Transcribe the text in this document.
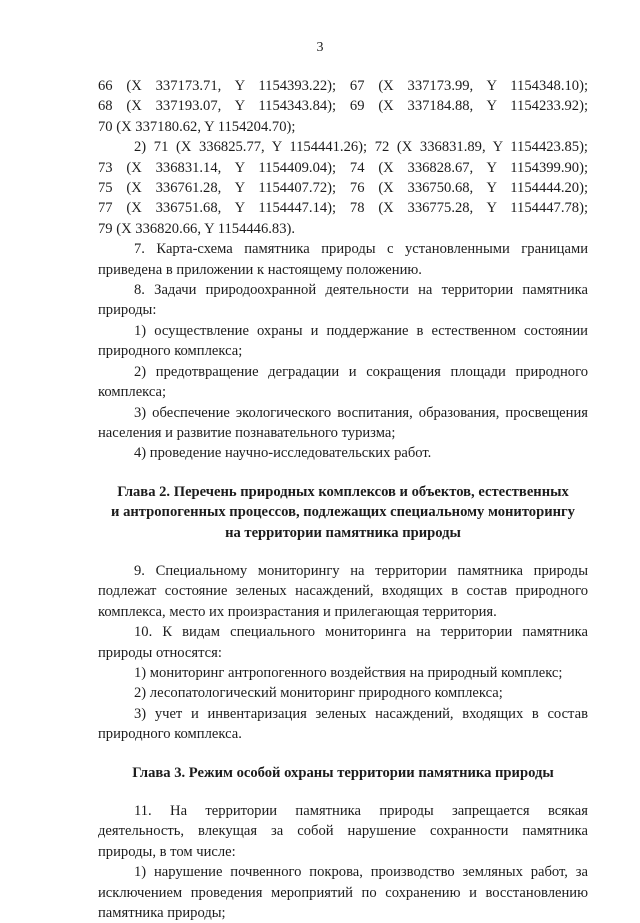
3

66 (X 337173.71, Y 1154393.22); 67 (X 337173.99, Y 1154348.10);

68 (X 337193.07, Y 1154343.84); 69 (X 337184.88, Y 1154233.92);

70 (X 337180.62, Y 1154204.70);

2) 71 (X 336825.77, Y 1154441.26); 72 (X 336831.89, Y 1154423.85);

73 (X 336831.14, Y 1154409.04); 74 (X 336828.67, Y 1154399.90);

75 (X 336761.28, Y 1154407.72); 76 (X 336750.68, Y 1154444.20);

77 (X 336751.68, Y 1154447.14); 78 (X 336775.28, Y 1154447.78);

79 (X 336820.66, Y 1154446.83).

7. Карта-схема памятника природы с установленными границами

приведена в приложении к настоящему положению.

8. Задачи природоохранной деятельности на территории памятника

природы:

1) осуществление охраны и поддержание в естественном состоянии

природного комплекса;

2) предотвращение деградации и сокращения площади природного

комплекса;

3) обеспечение экологического воспитания, образования, просвещения

населения и развитие познавательного туризма;

4) проведение научно-исследовательских работ.

Глава 2. Перечень природных комплексов и объектов, естественных

и антропогенных процессов, подлежащих специальному мониторингу

на территории памятника природы

9. Специальному мониторингу на территории памятника природы

подлежат состояние зеленых насаждений, входящих в состав природного

комплекса, место их произрастания и прилегающая территория.

10. К видам специального мониторинга на территории памятника

природы относятся:

1) мониторинг антропогенного воздействия на природный комплекс;

2) лесопатологический мониторинг природного комплекса;

3) учет и инвентаризация зеленых насаждений, входящих в состав

природного комплекса.

Глава 3. Режим особой охраны территории памятника природы

11. На территории памятника природы запрещается всякая

деятельность, влекущая за собой нарушение сохранности памятника

природы, в том числе:

1) нарушение почвенного покрова, производство земляных работ, за

исключением проведения мероприятий по сохранению и восстановлению

памятника природы;
